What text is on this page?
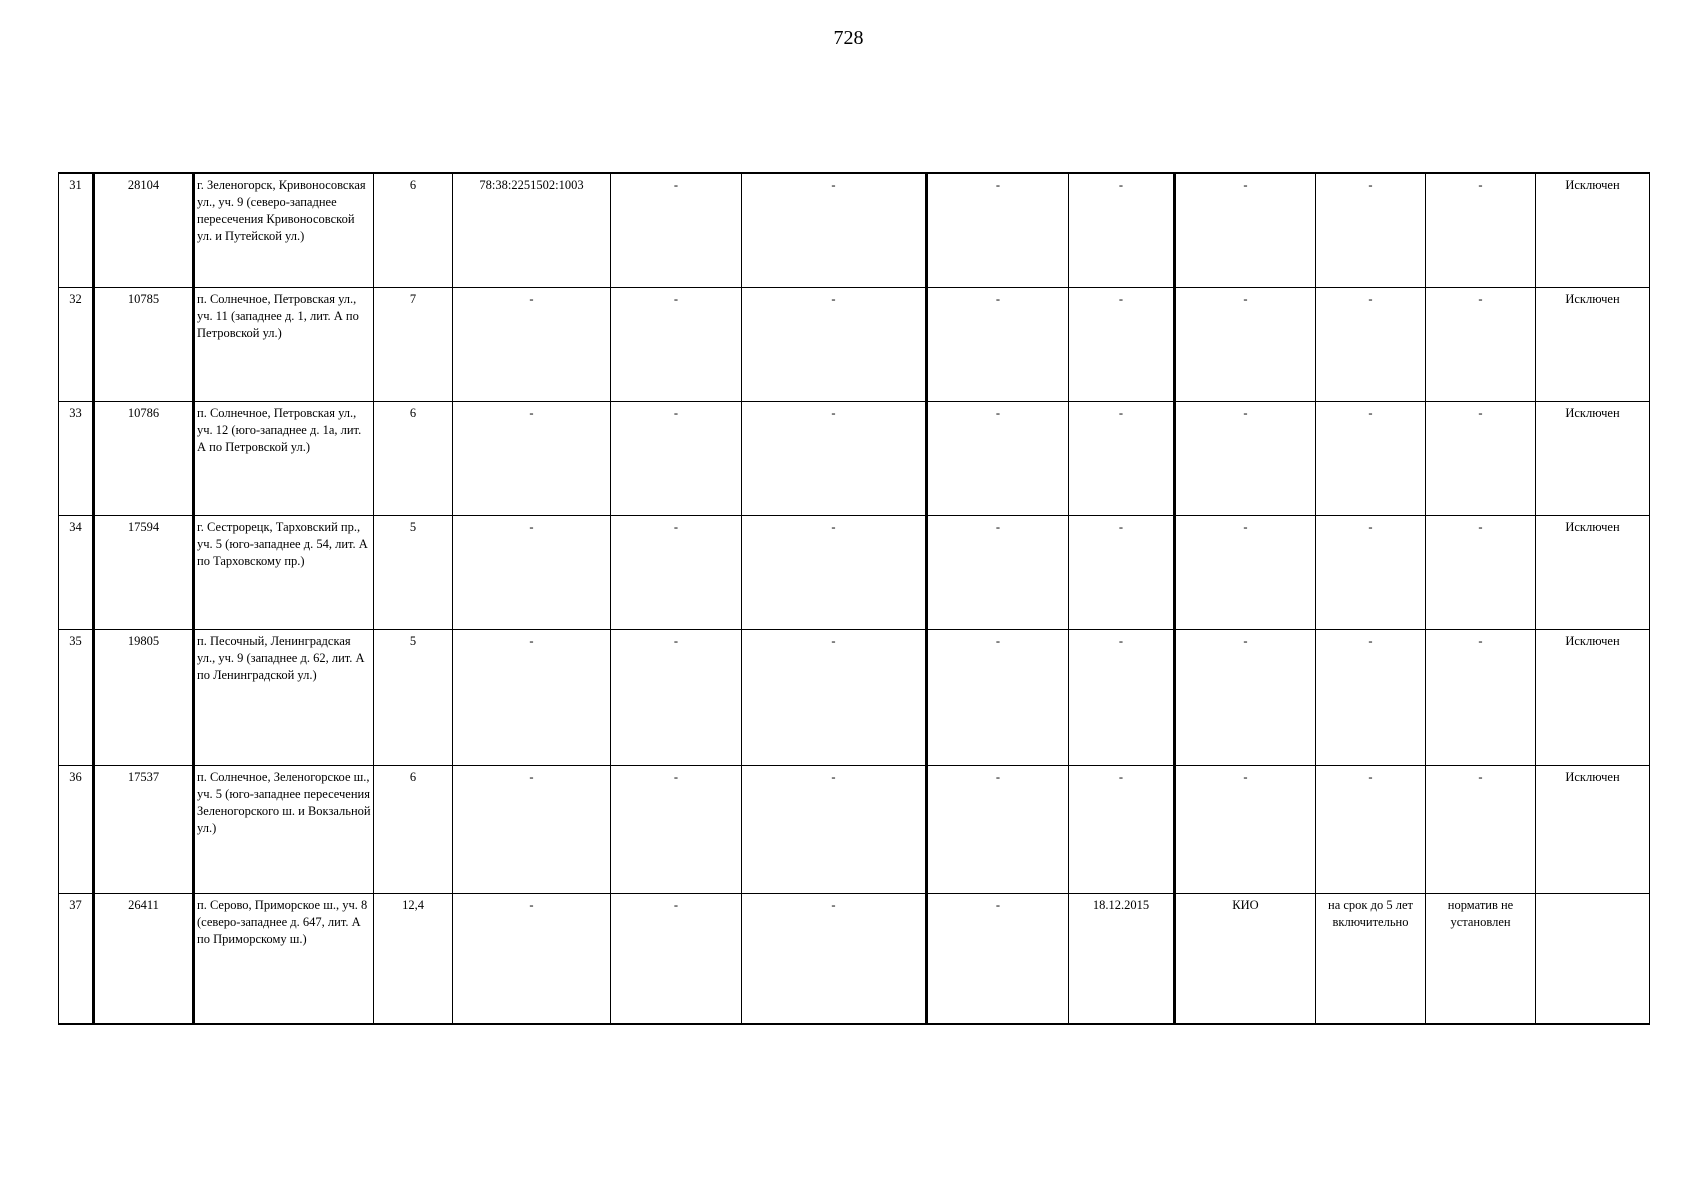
728
31	28104	г. Зеленогорск, Кривоносовская ул., уч. 9 (северо-западнее пересечения Кривоносовской ул. и Путейской ул.)	6	78:38:2251502:1003	-	-	-	-	-	-	-	Исключен
32	10785	п. Солнечное, Петровская ул., уч. 11 (западнее д. 1, лит. А по Петровской ул.)	7	-	-	-	-	-	-	-	-	Исключен
33	10786	п. Солнечное, Петровская ул., уч. 12 (юго-западнее д. 1а, лит. А по Петровской ул.)	6	-	-	-	-	-	-	-	-	Исключен
34	17594	г. Сестрорецк, Тарховский пр., уч. 5 (юго-западнее д. 54, лит. А по Тарховскому пр.)	5	-	-	-	-	-	-	-	-	Исключен
35	19805	п. Песочный, Ленинградская ул., уч. 9 (западнее д. 62, лит. А по Ленинградской ул.)	5	-	-	-	-	-	-	-	-	Исключен
36	17537	п. Солнечное, Зеленогорское ш., уч. 5 (юго-западнее пересечения Зеленогорского ш. и Вокзальной ул.)	6	-	-	-	-	-	-	-	-	Исключен
37	26411	п. Серово, Приморское ш., уч. 8 (северо-западнее д. 647, лит. А по Приморскому ш.)	12,4	-	-	-	-	18.12.2015	КИО	на срок до 5 лет включительно	норматив не установлен	
